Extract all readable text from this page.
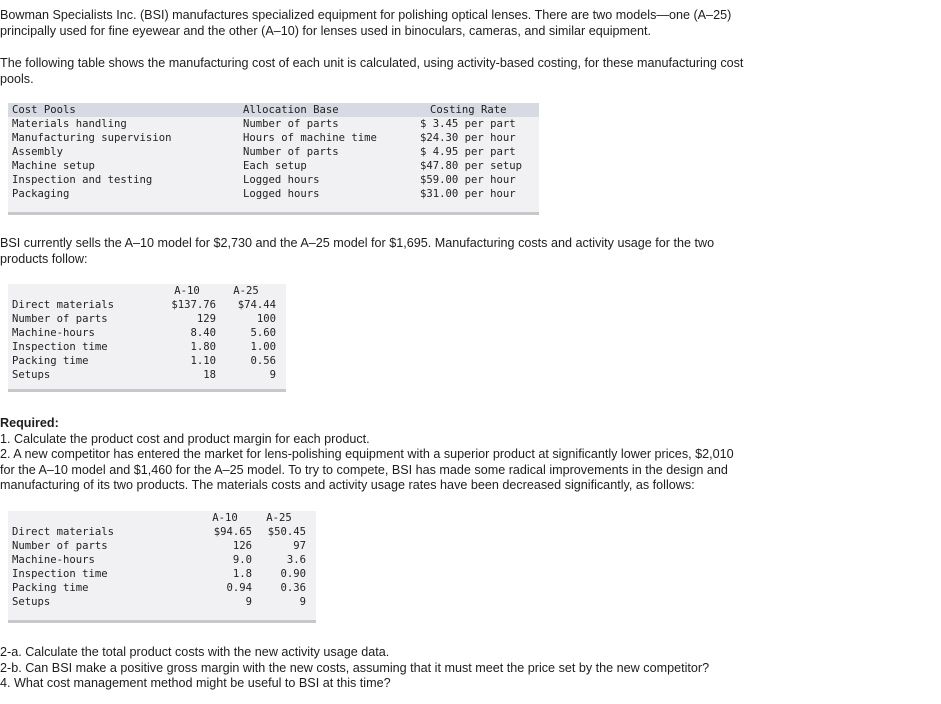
Bowman Specialists Inc. (BSI) manufactures specialized equipment for polishing optical lenses. There are two models—one (A–25)
principally used for fine eyewear and the other (A–10) for lenses used in binoculars, cameras, and similar equipment.
The following table shows the manufacturing cost of each unit is calculated, using activity-based costing, for these manufacturing cost
pools.
Cost Pools	Allocation Base	Costing Rate
Materials handling	Number of parts	$ 3.45 per part
Manufacturing supervision	Hours of machine time	$24.30 per hour
Assembly	Number of parts	$ 4.95 per part
Machine setup	Each setup	$47.80 per setup
Inspection and testing	Logged hours	$59.00 per hour
Packaging	Logged hours	$31.00 per hour
BSI currently sells the A–10 model for $2,730 and the A–25 model for $1,695. Manufacturing costs and activity usage for the two
products follow:
	A-10	A-25
Direct materials	$137.76	$74.44
Number of parts	129	100
Machine-hours	8.40	5.60
Inspection time	1.80	1.00
Packing time	1.10	0.56
Setups	18	9
Required:
1. Calculate the product cost and product margin for each product.
2. A new competitor has entered the market for lens-polishing equipment with a superior product at significantly lower prices, $2,010
for the A–10 model and $1,460 for the A–25 model. To try to compete, BSI has made some radical improvements in the design and
manufacturing of its two products. The materials costs and activity usage rates have been decreased significantly, as follows:
	A-10	A-25
Direct materials	$94.65	$50.45
Number of parts	126	97
Machine-hours	9.0	3.6
Inspection time	1.8	0.90
Packing time	0.94	0.36
Setups	9	9
2-a. Calculate the total product costs with the new activity usage data.
2-b. Can BSI make a positive gross margin with the new costs, assuming that it must meet the price set by the new competitor?
4. What cost management method might be useful to BSI at this time?
